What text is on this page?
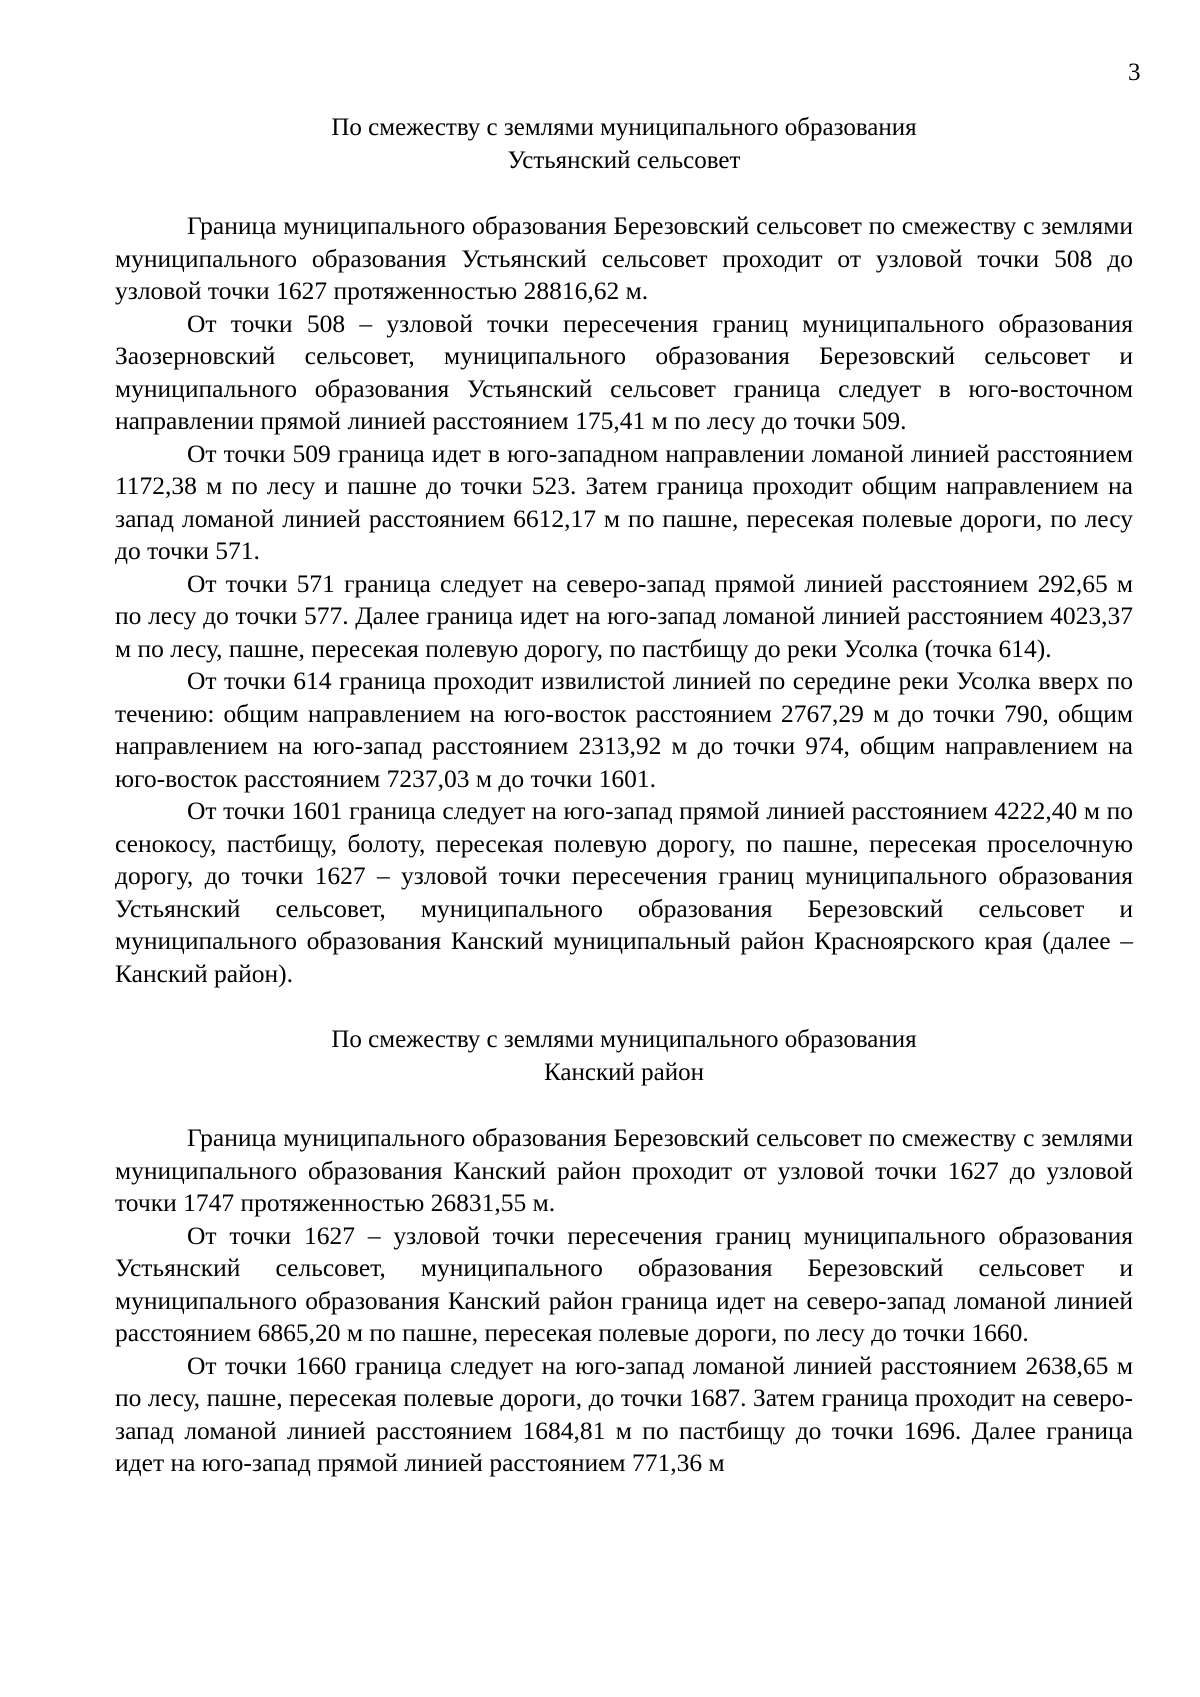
3
По смежеству с землями муниципального образования
Устьянский сельсовет

Граница муниципального образования Березовский сельсовет по смежеству с землями муниципального образования Устьянский сельсовет проходит от узловой точки 508 до узловой точки 1627 протяженностью 28816,62 м.

От точки 508 – узловой точки пересечения границ муниципального образования Заозерновский сельсовет, муниципального образования Березовский сельсовет и муниципального образования Устьянский сельсовет граница следует в юго-восточном направлении прямой линией расстоянием 175,41 м по лесу до точки 509.

От точки 509 граница идет в юго-западном направлении ломаной линией расстоянием 1172,38 м по лесу и пашне до точки 523. Затем граница проходит общим направлением на запад ломаной линией расстоянием 6612,17 м по пашне, пересекая полевые дороги, по лесу до точки 571.

От точки 571 граница следует на северо-запад прямой линией расстоянием 292,65 м по лесу до точки 577. Далее граница идет на юго-запад ломаной линией расстоянием 4023,37 м по лесу, пашне, пересекая полевую дорогу, по пастбищу до реки Усолка (точка 614).

От точки 614 граница проходит извилистой линией по середине реки Усолка вверх по течению: общим направлением на юго-восток расстоянием 2767,29 м до точки 790, общим направлением на юго-запад расстоянием 2313,92 м до точки 974, общим направлением на юго-восток расстоянием 7237,03 м до точки 1601.

От точки 1601 граница следует на юго-запад прямой линией расстоянием 4222,40 м по сенокосу, пастбищу, болоту, пересекая полевую дорогу, по пашне, пересекая проселочную дорогу, до точки 1627 – узловой точки пересечения границ муниципального образования Устьянский сельсовет, муниципального образования Березовский сельсовет и муниципального образования Канский муниципальный район Красноярского края (далее – Канский район).

По смежеству с землями муниципального образования
Канский район

Граница муниципального образования Березовский сельсовет по смежеству с землями муниципального образования Канский район проходит от узловой точки 1627 до узловой точки 1747 протяженностью 26831,55 м.

От точки 1627 – узловой точки пересечения границ муниципального образования Устьянский сельсовет, муниципального образования Березовский сельсовет и муниципального образования Канский район граница идет на северо-запад ломаной линией расстоянием 6865,20 м по пашне, пересекая полевые дороги, по лесу до точки 1660.

От точки 1660 граница следует на юго-запад ломаной линией расстоянием 2638,65 м по лесу, пашне, пересекая полевые дороги, до точки 1687. Затем граница проходит на северо-запад ломаной линией расстоянием 1684,81 м по пастбищу до точки 1696. Далее граница идет на юго-запад прямой линией расстоянием 771,36 м
